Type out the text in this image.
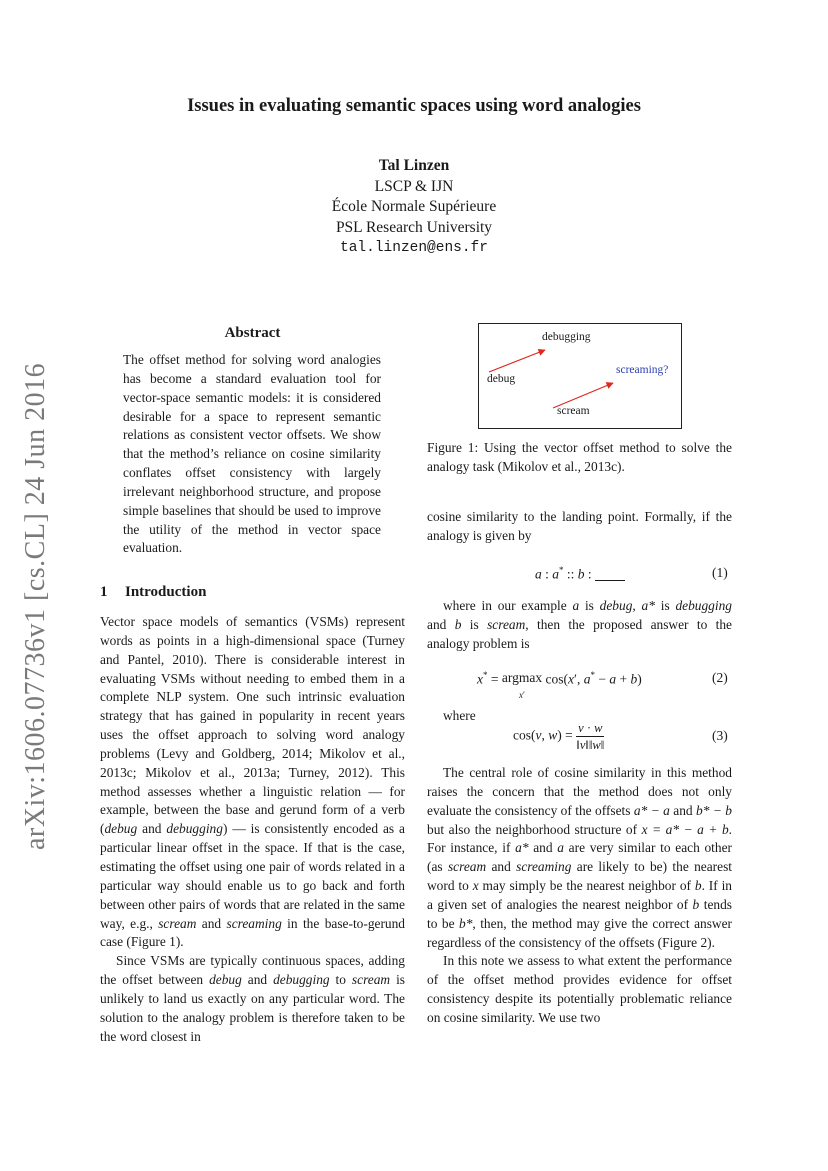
Issues in evaluating semantic spaces using word analogies
Tal Linzen
LSCP & IJN
École Normale Supérieure
PSL Research University
tal.linzen@ens.fr
arXiv:1606.07736v1 [cs.CL] 24 Jun 2016
Abstract

The offset method for solving word analogies has become a standard evaluation tool for vector-space semantic models: it is considered desirable for a space to represent semantic relations as consistent vector offsets. We show that the method’s reliance on cosine similarity conflates offset consistency with largely irrelevant neighborhood structure, and propose simple baselines that should be used to improve the utility of the method in vector space evaluation.

1 Introduction

Vector space models of semantics (VSMs) represent words as points in a high-dimensional space (Turney and Pantel, 2010). There is considerable interest in evaluating VSMs without needing to embed them in a complete NLP system. One such intrinsic evaluation strategy that has gained in popularity in recent years uses the offset approach to solving word analogy problems (Levy and Goldberg, 2014; Mikolov et al., 2013c; Mikolov et al., 2013a; Turney, 2012). This method assesses whether a linguistic relation — for example, between the base and gerund form of a verb (debug and debugging) — is consistently encoded as a particular linear offset in the space. If that is the case, estimating the offset using one pair of words related in a particular way should enable us to go back and forth between other pairs of words that are related in the same way, e.g., scream and screaming in the base-to-gerund case (Figure 1).

Since VSMs are typically continuous spaces, adding the offset between debug and debugging to scream is unlikely to land us exactly on any particular word. The solution to the analogy problem is therefore taken to be the word closest in

debugging
debug
screaming?
scream

Figure 1: Using the vector offset method to solve the analogy task (Mikolov et al., 2013c).

cosine similarity to the landing point. Formally, if the analogy is given by

a : a* :: b :	(1)

where in our example a is debug, a* is debugging and b is scream, then the proposed answer to the analogy problem is

x* = argmax
x′ cos(x′, a* − a + b)	(2)
where
cos(v, $w) = \frac{v \cdot w}{‖v‖‖w‖}$	(3)

The central role of cosine similarity in this method raises the concern that the method does not only evaluate the consistency of the offsets a* − a and b* − b but also the neighborhood structure of x = a* − a + b. For instance, if a* and a are very similar to each other (as scream and screaming are likely to be) the nearest word to x may simply be the nearest neighbor of b. If in a given set of analogies the nearest neighbor of b tends to be b*, then, the method may give the correct answer regardless of the consistency of the offsets (Figure 2).

In this note we assess to what extent the performance of the offset method provides evidence for offset consistency despite its potentially problematic reliance on cosine similarity. We use two
